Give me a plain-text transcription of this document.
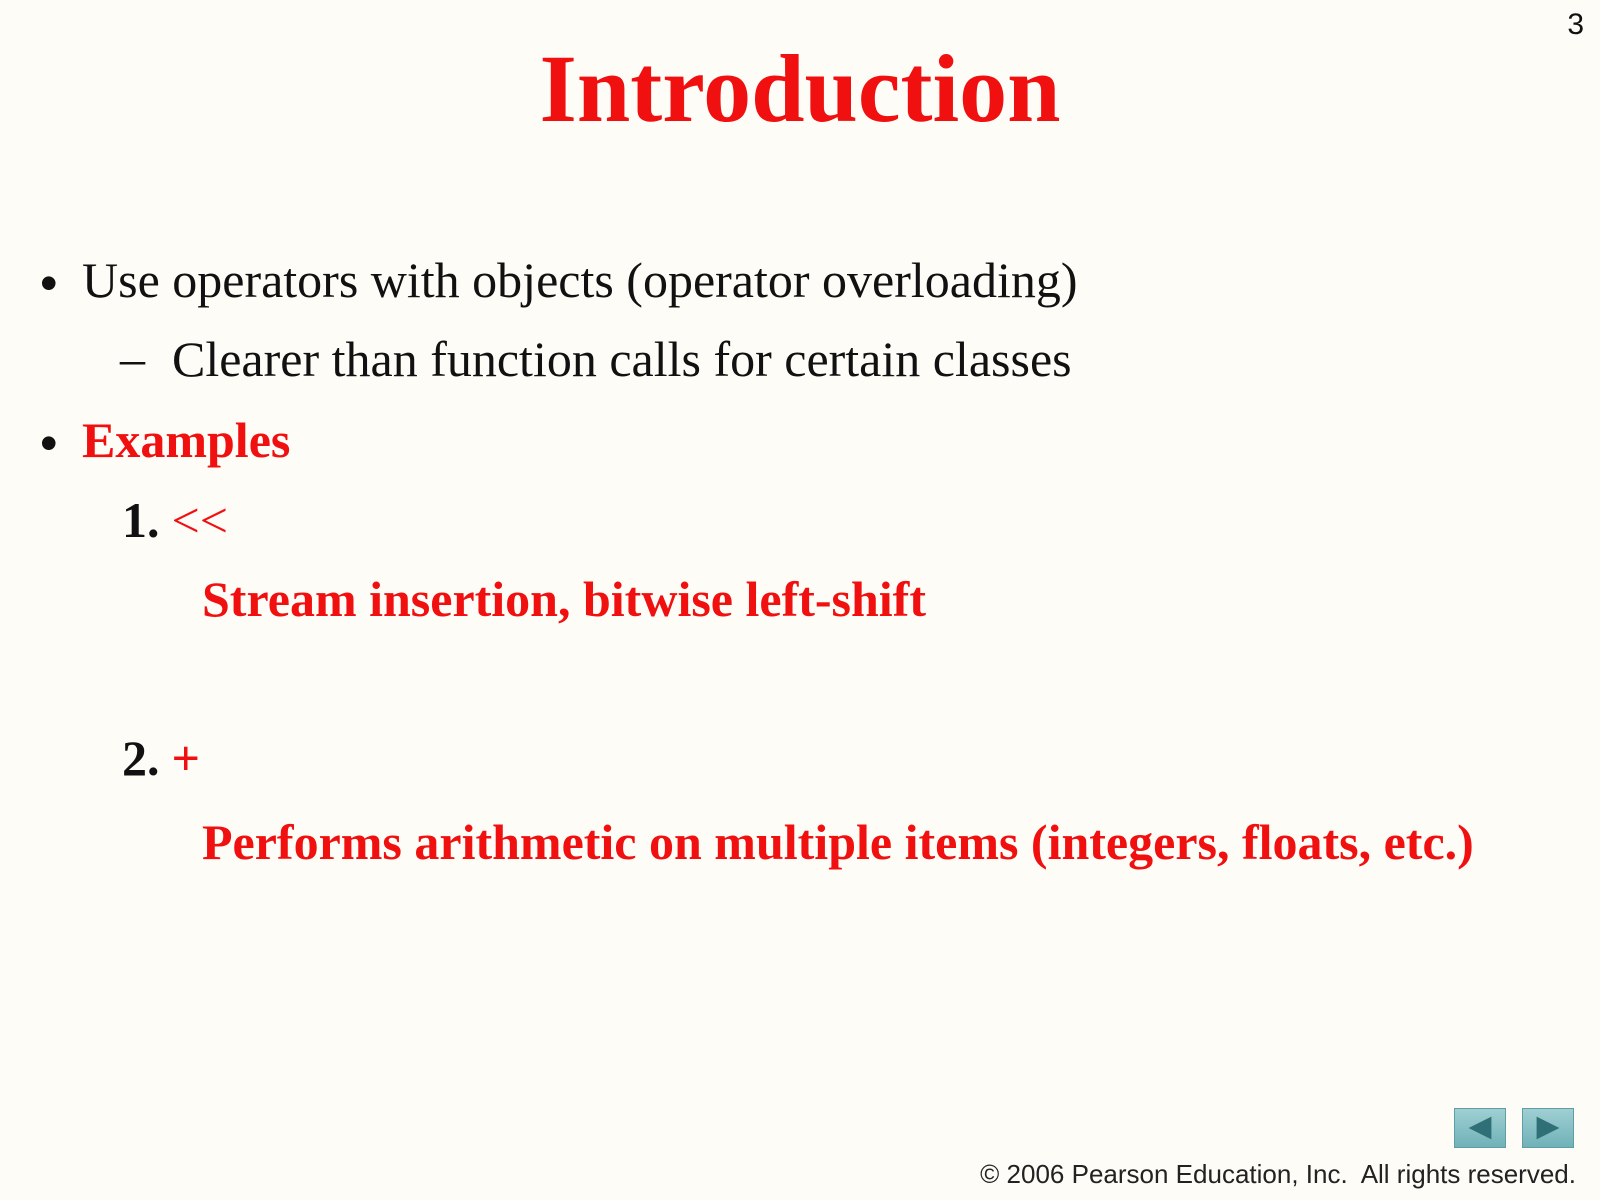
3
Introduction
• Use operators with objects (operator overloading)
– Clearer than function calls for certain classes
• Examples
1. <<
Stream insertion, bitwise left-shift
2. +
Performs arithmetic on multiple items (integers, floats, etc.)
© 2006 Pearson Education, Inc.  All rights reserved.
